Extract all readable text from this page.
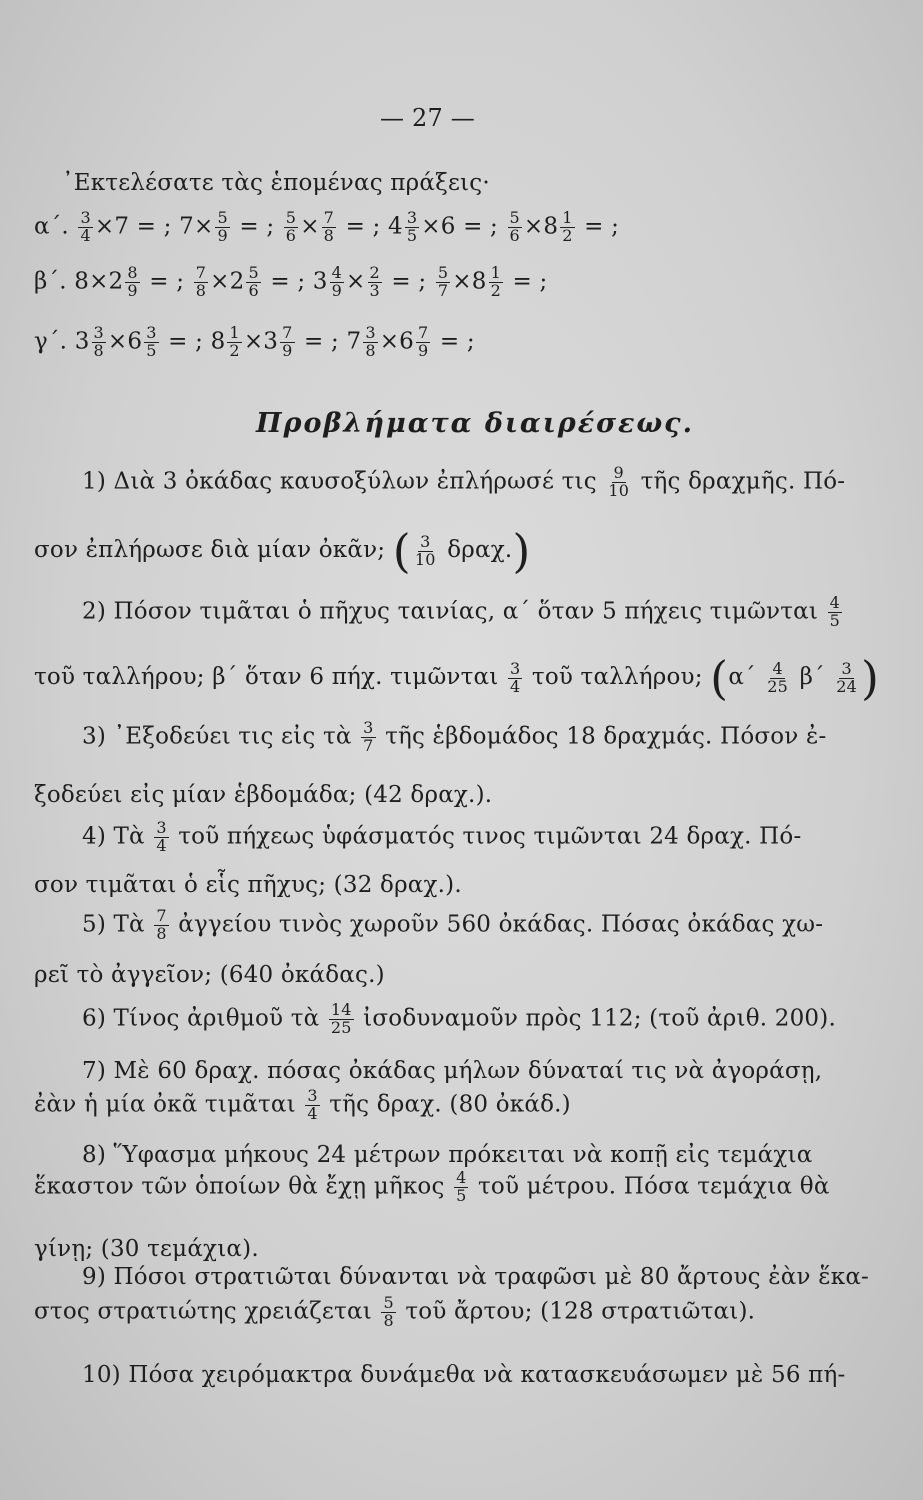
— 27 —
᾿Εκτελέσατε τὰς ἑπομένας πράξεις·
α΄. $\frac{3}{4} \times 7$ = ; $7\times \frac{5}{9}$ = ; $\frac{5}{6} \times \frac{7}{8}$ = ; $4 \frac{3}{5} \times 6$ = ; $\frac{5}{6} \times 8 \frac{1}{2}$ = ;
β΄. $8\times 2 \frac{8}{9}$ = ; $\frac{7}{8} \times 2 \frac{5}{6}$ = ; $3 \frac{4}{9} \times \frac{2}{3}$ = ; $\frac{5}{7} \times 8 \frac{1}{2}$ = ;
γ΄. $3 \frac{3}{8} \times 6 \frac{3}{5}$ = ; $8 \frac{1}{2} \times 3 \frac{7}{9}$ = ; $7 \frac{3}{8} \times 6 \frac{7}{9}$ = ;
Προβλήματα διαιρέσεως.
1) Διὰ 3 ὀκάδας καυσοξύλων ἐπλήρωσέ τις $\frac{9}{10}$ τῆς δραχμῆς. Πό-
σον ἐπλήρωσε διὰ μίαν ὀκᾶν; ( $\frac{3}{10} \delta\rho\alpha\chi$.)
2) Πόσον τιμᾶται ὁ πῆχυς ταινίας, α΄ ὅταν 5 πήχεις τιμῶνται $\frac{4}{5}$
τοῦ ταλλήρου; β΄ ὅταν 6 πήχ. τιμῶνται $\frac{3}{4}$ τοῦ ταλλήρου; ($\alpha΄ \frac{4}{25} \beta΄ \frac{3}{24}$ )
3) ᾿Εξοδεύει τις εἰς τὰ $\frac{3}{7}$ τῆς ἑβδομάδος 18 δραχμάς. Πόσον ἐ-
ξοδεύει εἰς μίαν ἑβδομάδα; (42 δραχ.).
4) Τὰ $\frac{3}{4}$ τοῦ πήχεως ὑφάσματός τινος τιμῶνται 24 δραχ. Πό-
σον τιμᾶται ὁ εἷς πῆχυς; (32 δραχ.).
5) Τὰ $\frac{7}{8}$ ἀγγείου τινὸς χωροῦν 560 ὀκάδας. Πόσας ὀκάδας χω-
ρεῖ τὸ ἀγγεῖον; (640 ὀκάδας.)
6) Τίνος ἀριθμοῦ τὰ $\frac{14}{25}$ ἰσοδυναμοῦν πρὸς 112; (τοῦ ἀριθ. 200).
7) Μὲ 60 δραχ. πόσας ὀκάδας μήλων δύναταί τις νὰ ἀγοράσῃ,
ἐὰν ἡ μία ὀκᾶ τιμᾶται $\frac{3}{4}$ τῆς δραχ. (80 ὀκάδ.)
8) Ὕφασμα μήκους 24 μέτρων πρόκειται νὰ κοπῇ εἰς τεμάχια
ἕκαστον τῶν ὁποίων θὰ ἔχῃ μῆκος $\frac{4}{5}$ τοῦ μέτρου. Πόσα τεμάχια θὰ
γίνῃ; (30 τεμάχια).
9) Πόσοι στρατιῶται δύνανται νὰ τραφῶσι μὲ 80 ἄρτους ἐὰν ἕκα-
στος στρατιώτης χρειάζεται $\frac{5}{8}$ τοῦ ἄρτου; (128 στρατιῶται).
10) Πόσα χειρόμακτρα δυνάμεθα νὰ κατασκευάσωμεν μὲ 56 πή-
